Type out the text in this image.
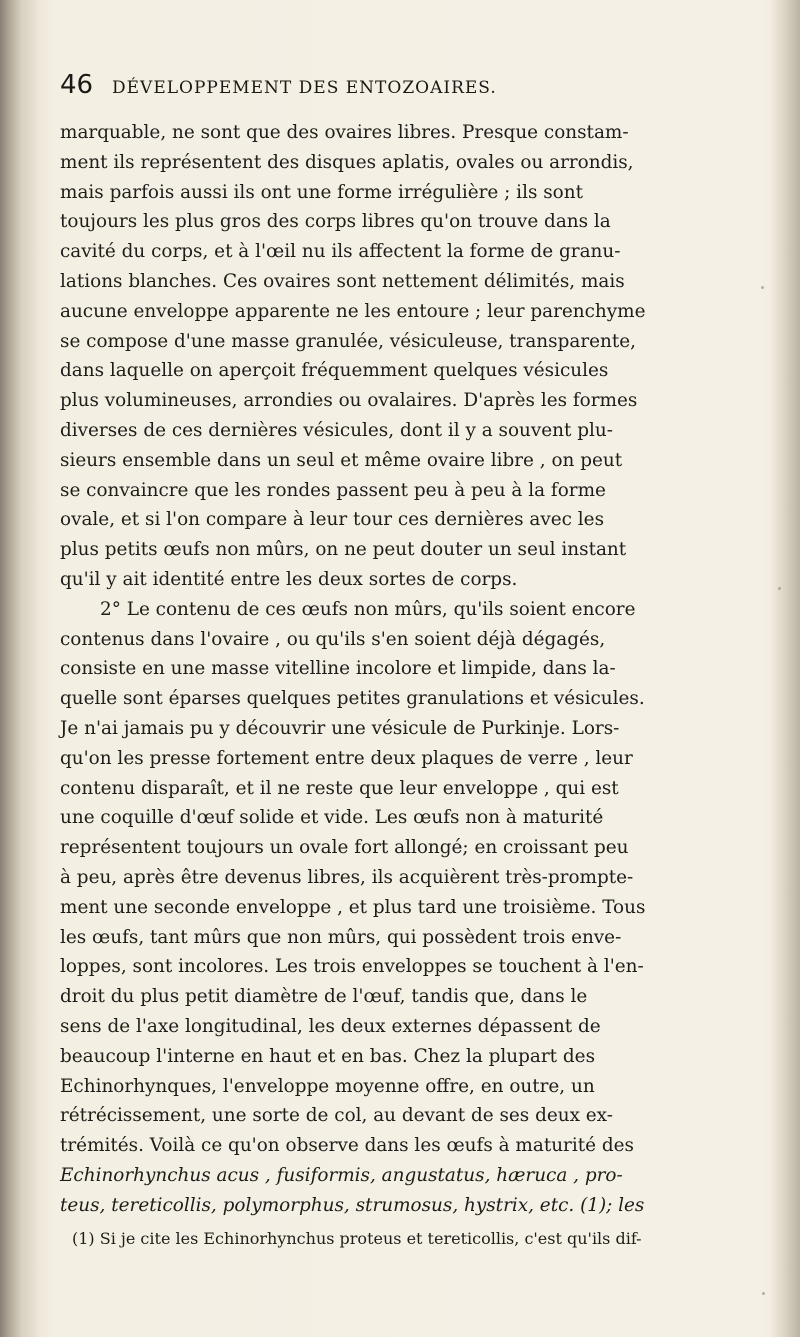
46 DÉVELOPPEMENT DES ENTOZOAIRES.
marquable, ne sont que des ovaires libres. Presque constam-
ment ils représentent des disques aplatis, ovales ou arrondis,
mais parfois aussi ils ont une forme irrégulière ; ils sont
toujours les plus gros des corps libres qu'on trouve dans la
cavité du corps, et à l'œil nu ils affectent la forme de granu-
lations blanches. Ces ovaires sont nettement délimités, mais
aucune enveloppe apparente ne les entoure ; leur parenchyme
se compose d'une masse granulée, vésiculeuse, transparente,
dans laquelle on aperçoit fréquemment quelques vésicules
plus volumineuses, arrondies ou ovalaires. D'après les formes
diverses de ces dernières vésicules, dont il y a souvent plu-
sieurs ensemble dans un seul et même ovaire libre , on peut
se convaincre que les rondes passent peu à peu à la forme
ovale, et si l'on compare à leur tour ces dernières avec les
plus petits œufs non mûrs, on ne peut douter un seul instant
qu'il y ait identité entre les deux sortes de corps.
2° Le contenu de ces œufs non mûrs, qu'ils soient encore
contenus dans l'ovaire , ou qu'ils s'en soient déjà dégagés,
consiste en une masse vitelline incolore et limpide, dans la-
quelle sont éparses quelques petites granulations et vésicules.
Je n'ai jamais pu y découvrir une vésicule de Purkinje. Lors-
qu'on les presse fortement entre deux plaques de verre , leur
contenu disparaît, et il ne reste que leur enveloppe , qui est
une coquille d'œuf solide et vide. Les œufs non à maturité
représentent toujours un ovale fort allongé; en croissant peu
à peu, après être devenus libres, ils acquièrent très-prompte-
ment une seconde enveloppe , et plus tard une troisième. Tous
les œufs, tant mûrs que non mûrs, qui possèdent trois enve-
loppes, sont incolores. Les trois enveloppes se touchent à l'en-
droit du plus petit diamètre de l'œuf, tandis que, dans le
sens de l'axe longitudinal, les deux externes dépassent de
beaucoup l'interne en haut et en bas. Chez la plupart des
Echinorhynques, l'enveloppe moyenne offre, en outre, un
rétrécissement, une sorte de col, au devant de ses deux ex-
trémités. Voilà ce qu'on observe dans les œufs à maturité des
Echinorhynchus acus , fusiformis, angustatus, hæruca , pro-
teus, tereticollis, polymorphus, strumosus, hystrix, etc. (1); les
(1) Si je cite les Echinorhynchus proteus et tereticollis, c'est qu'ils dif-
